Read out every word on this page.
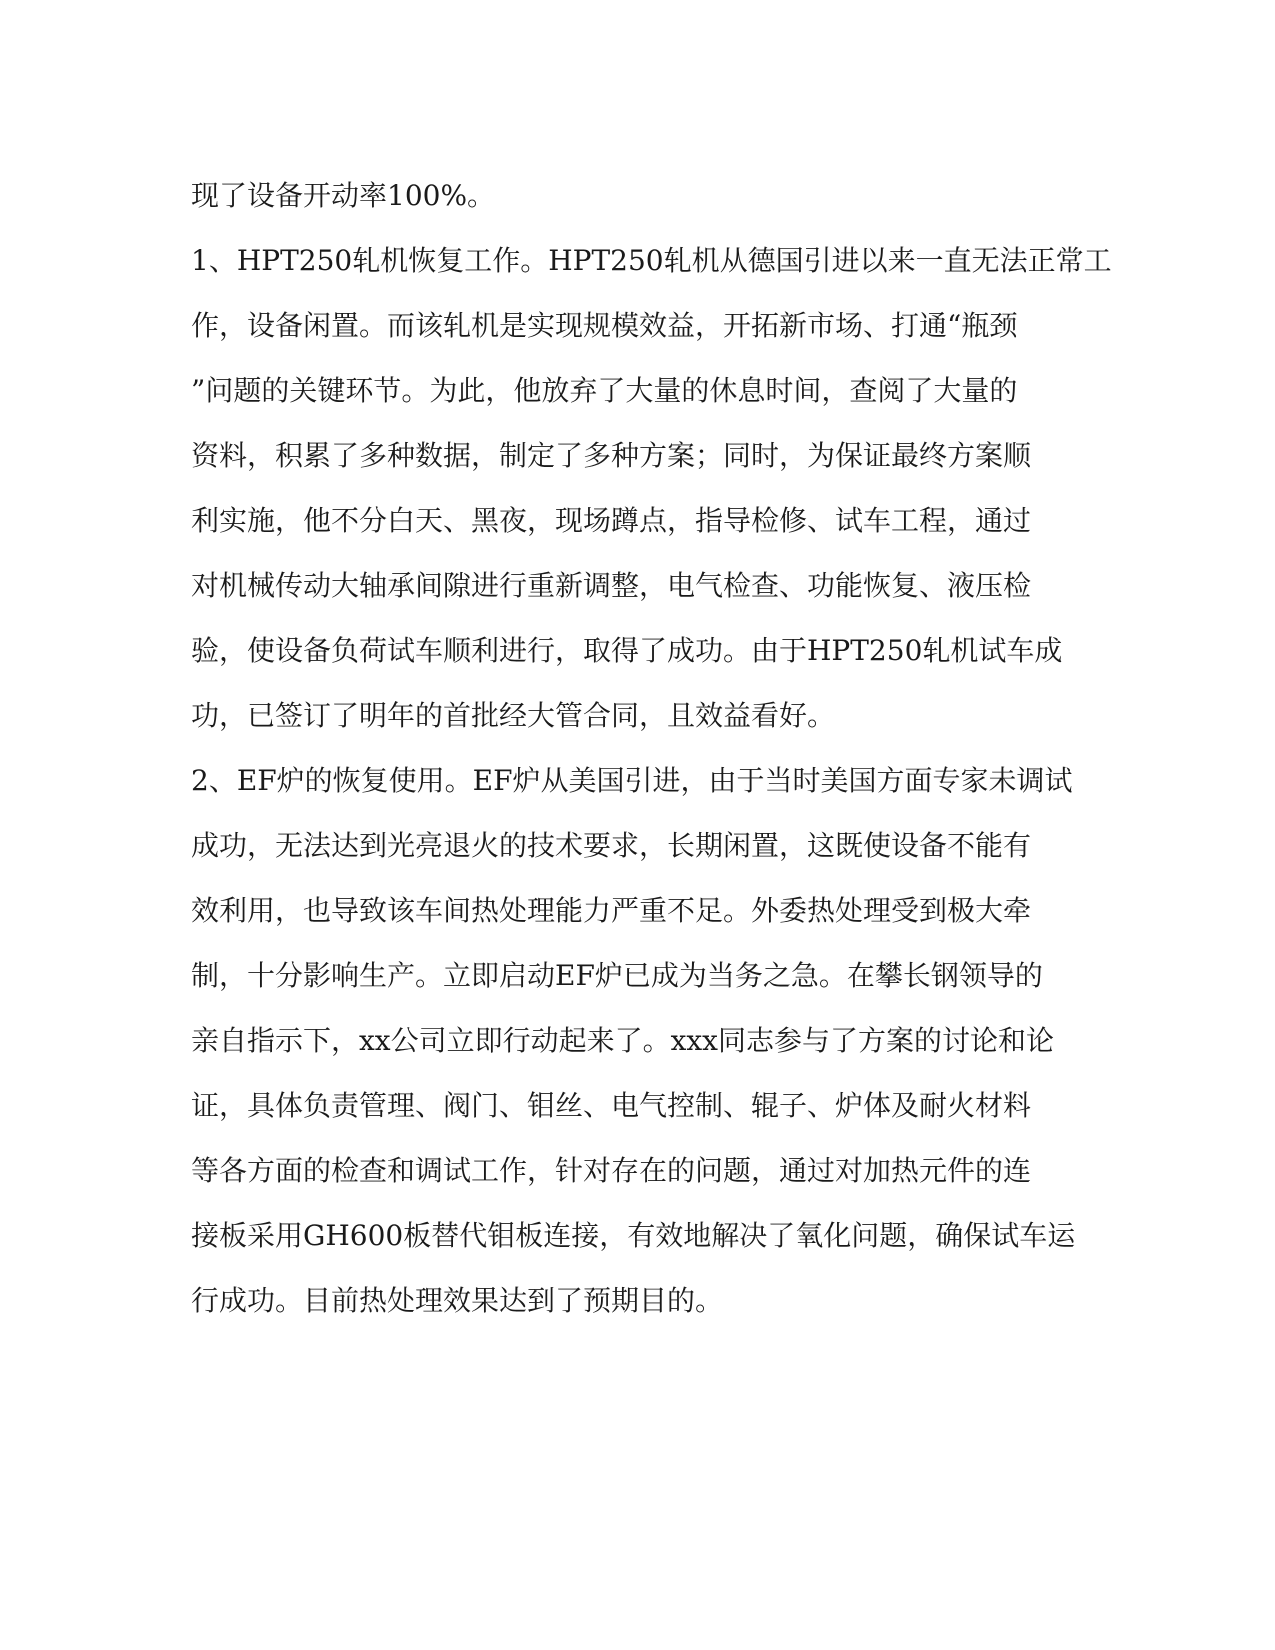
现了设备开动率100%。
1、HPT250轧机恢复工作。HPT250轧机从德国引进以来一直无法正常工
作，设备闲置。而该轧机是实现规模效益，开拓新市场、打通“瓶颈
”问题的关键环节。为此，他放弃了大量的休息时间，查阅了大量的
资料，积累了多种数据，制定了多种方案；同时，为保证最终方案顺
利实施，他不分白天、黑夜，现场蹲点，指导检修、试车工程，通过
对机械传动大轴承间隙进行重新调整，电气检查、功能恢复、液压检
验，使设备负荷试车顺利进行，取得了成功。由于HPT250轧机试车成
功，已签订了明年的首批经大管合同，且效益看好。
2、EF炉的恢复使用。EF炉从美国引进，由于当时美国方面专家未调试
成功，无法达到光亮退火的技术要求，长期闲置，这既使设备不能有
效利用，也导致该车间热处理能力严重不足。外委热处理受到极大牵
制，十分影响生产。立即启动EF炉已成为当务之急。在攀长钢领导的
亲自指示下，xx公司立即行动起来了。xxx同志参与了方案的讨论和论
证，具体负责管理、阀门、钼丝、电气控制、辊子、炉体及耐火材料
等各方面的检查和调试工作，针对存在的问题，通过对加热元件的连
接板采用GH600板替代钼板连接，有效地解决了氧化问题，确保试车运
行成功。目前热处理效果达到了预期目的。
